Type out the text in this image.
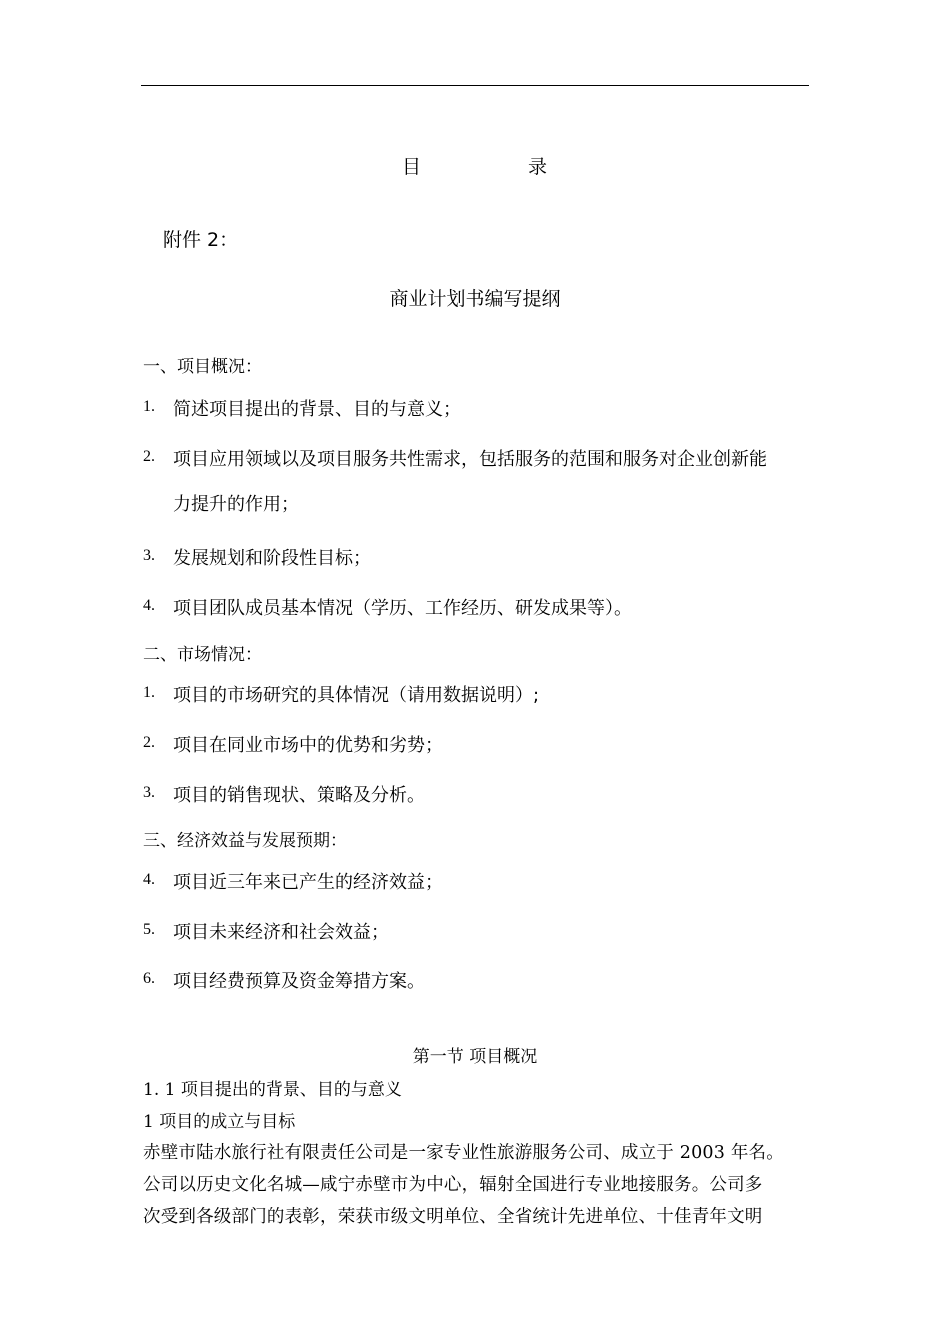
目	录
附件 2：
商业计划书编写提纲
一、项目概况：
1. 简述项目提出的背景、目的与意义；
2. 项目应用领域以及项目服务共性需求，包括服务的范围和服务对企业创新能
力提升的作用；
3. 发展规划和阶段性目标；
4. 项目团队成员基本情况（学历、工作经历、研发成果等）。
二、市场情况：
1. 项目的市场研究的具体情况（请用数据说明）;
2. 项目在同业市场中的优势和劣势；
3. 项目的销售现状、策略及分析。
三、经济效益与发展预期：
4. 项目近三年来已产生的经济效益；
5. 项目未来经济和社会效益；
6. 项目经费预算及资金筹措方案。
第一节 项目概况
1. 1 项目提出的背景、目的与意义
1 项目的成立与目标
赤壁市陆水旅行社有限责任公司是一家专业性旅游服务公司、成立于 2003 年名。
公司以历史文化名城—咸宁赤壁市为中心，辐射全国进行专业地接服务。公司多
次受到各级部门的表彰，荣获市级文明单位、全省统计先进单位、十佳青年文明
